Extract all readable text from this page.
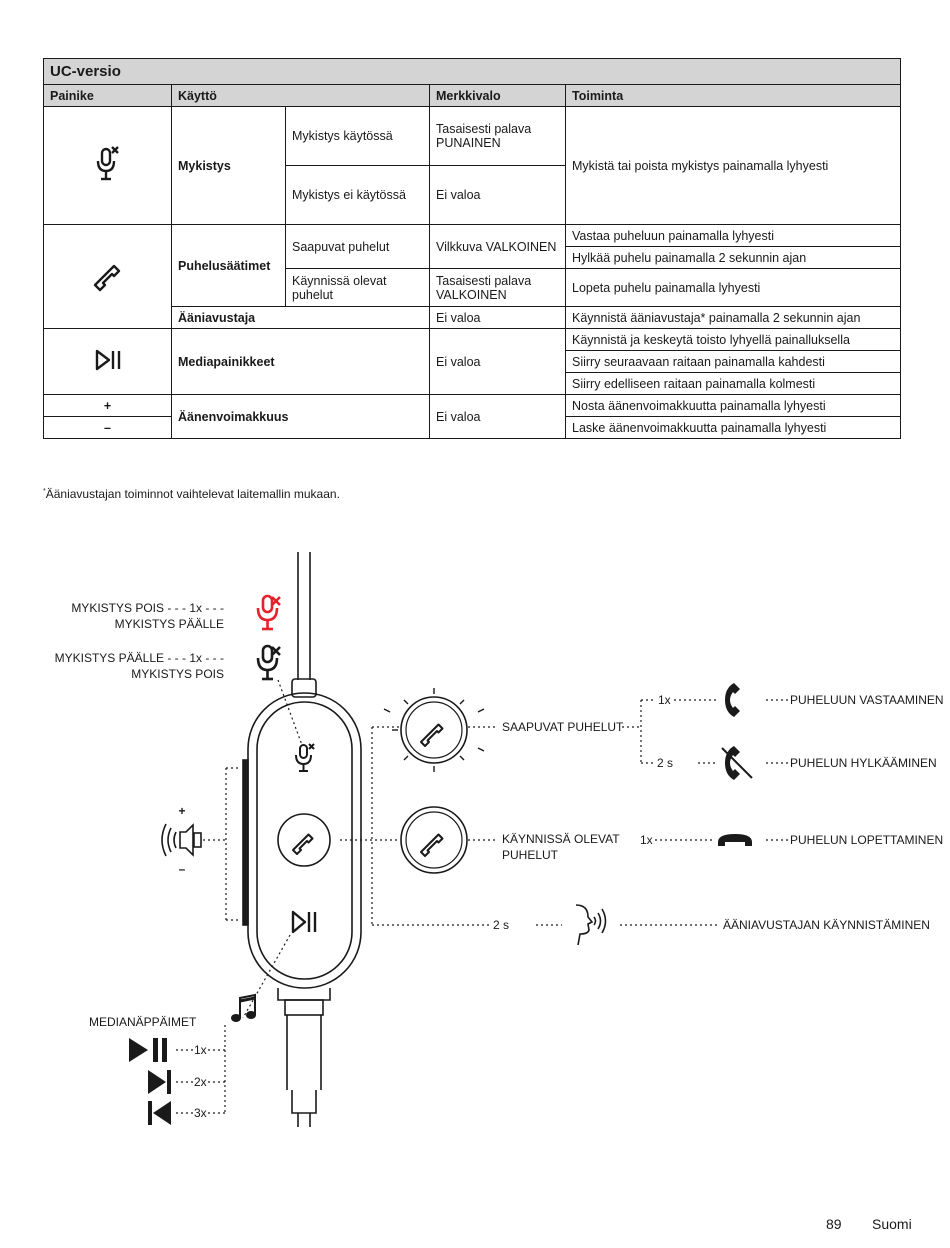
UC-versio				
Painike	Käyttö		Merkkivalo	Toiminta
	Mykistys	Mykistys käytössä	Tasaisesti palava PUNAINEN	Mykistä tai poista mykistys painamalla lyhyesti
		Mykistys ei käytössä	Ei valoa	
	Puhelusäätimet	Saapuvat puhelut	Vilkkuva VALKOINEN	Vastaa puheluun painamalla lyhyesti
				Hylkää puhelu painamalla 2 sekunnin ajan
		Käynnissä olevat puhelut	Tasaisesti palava VALKOINEN	Lopeta puhelu painamalla lyhyesti
	Ääniavustaja		Ei valoa	Käynnistä ääniavustaja* painamalla 2 sekunnin ajan
	Mediapainikkeet		Ei valoa	Käynnistä ja keskeytä toisto lyhyellä painalluksella
				Siirry seuraavaan raitaan painamalla kahdesti
				Siirry edelliseen raitaan painamalla kolmesti
+	Äänenvoimakkuus		Ei valoa	Nosta äänenvoimakkuutta painamalla lyhyesti
–				Laske äänenvoimakkuutta painamalla lyhyesti
*Ääniavustajan toiminnot vaihtelevat laitemallin mukaan.
MYKISTYS POIS - - - 1x - - -
MYKISTYS PÄÄLLE
MYKISTYS PÄÄLLE - - - 1x - - -
MYKISTYS POIS
+
–
SAAPUVAT PUHELUT
KÄYNNISSÄ OLEVAT
PUHELUT
1x
2 s
1x
2 s
PUHELUUN VASTAAMINEN
PUHELUN HYLKÄÄMINEN
PUHELUN LOPETTAMINEN
ÄÄNIAVUSTAJAN KÄYNNISTÄMINEN
MEDIANÄPPÄIMET
1x
2x
3x
89 Suomi
